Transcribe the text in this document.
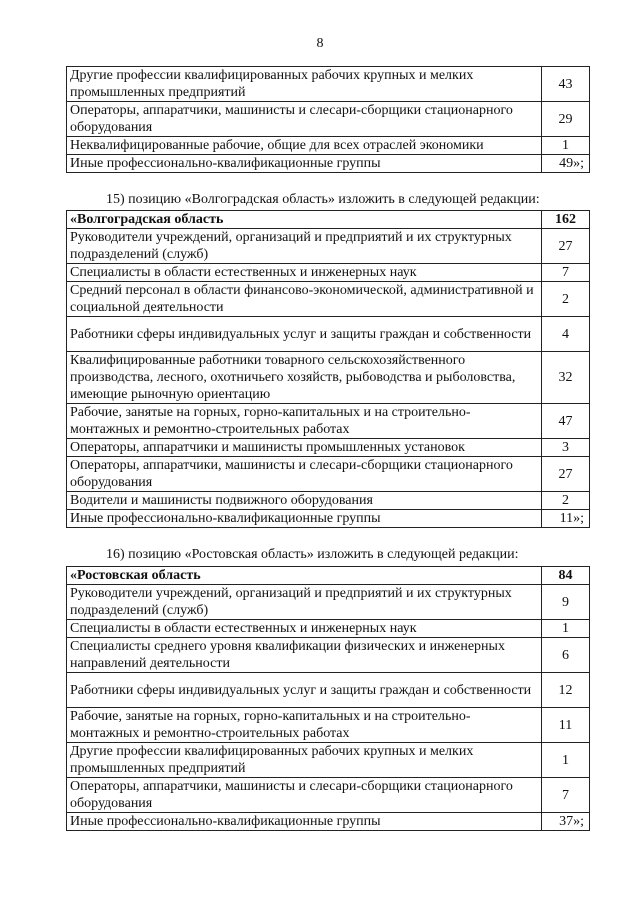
8
Другие профессии квалифицированных рабочих крупных и мелких промышленных предприятий	43
Операторы, аппаратчики, машинисты и слесари-сборщики стационарного оборудования	29
Неквалифицированные рабочие, общие для всех отраслей экономики	1
Иные профессионально-квалификационные группы	49»;
15) позицию «Волгоградская область» изложить в следующей редакции:
«Волгоградская область	162
Руководители учреждений, организаций и предприятий и их структурных подразделений (служб)	27
Специалисты в области естественных и инженерных наук	7
Средний персонал в области финансово-экономической, административной и социальной деятельности	2
Работники сферы индивидуальных услуг и защиты граждан и собственности	4
Квалифицированные работники товарного сельскохозяйственного производства, лесного, охотничьего хозяйств, рыбоводства и рыболовства, имеющие рыночную ориентацию	32
Рабочие, занятые на горных, горно-капитальных и на строительно-монтажных и ремонтно-строительных работах	47
Операторы, аппаратчики и машинисты промышленных установок	3
Операторы, аппаратчики, машинисты и слесари-сборщики стационарного оборудования	27
Водители и машинисты подвижного оборудования	2
Иные профессионально-квалификационные группы	11»;
16) позицию «Ростовская область» изложить в следующей редакции:
«Ростовская область	84
Руководители учреждений, организаций и предприятий и их структурных подразделений (служб)	9
Специалисты в области естественных и инженерных наук	1
Специалисты среднего уровня квалификации физических и инженерных направлений деятельности	6
Работники сферы индивидуальных услуг и защиты граждан и собственности	12
Рабочие, занятые на горных, горно-капитальных и на строительно-монтажных и ремонтно-строительных работах	11
Другие профессии квалифицированных рабочих крупных и мелких промышленных предприятий	1
Операторы, аппаратчики, машинисты и слесари-сборщики стационарного оборудования	7
Иные профессионально-квалификационные группы	37»;
